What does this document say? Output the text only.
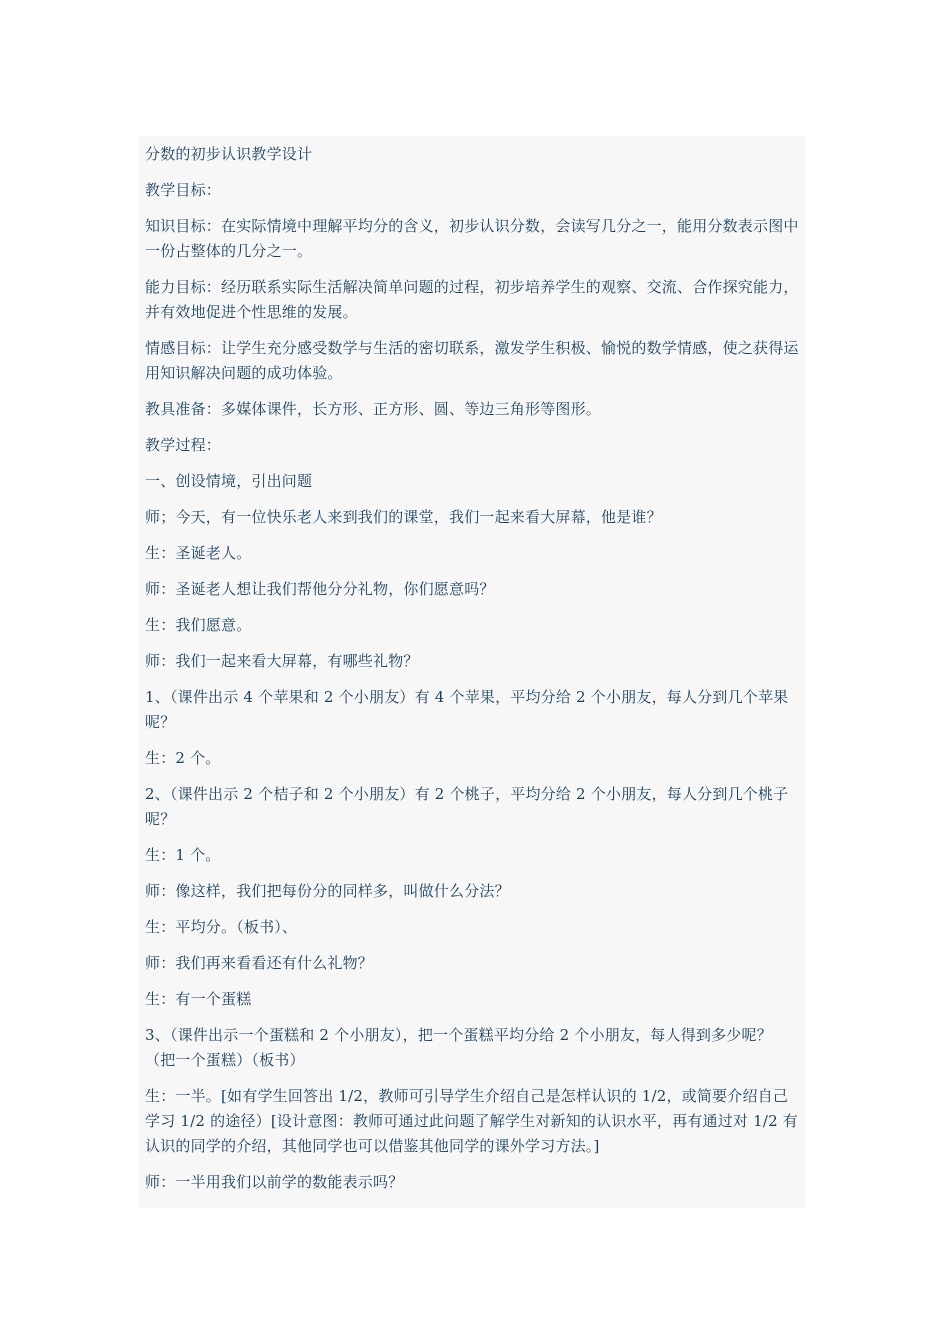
分数的初步认识教学设计

教学目标：

知识目标：在实际情境中理解平均分的含义，初步认识分数，会读写几分之一，能用分数表示图中一份占整体的几分之一。

能力目标：经历联系实际生活解决简单问题的过程，初步培养学生的观察、交流、合作探究能力，并有效地促进个性思维的发展。

情感目标：让学生充分感受数学与生活的密切联系，激发学生积极、愉悦的数学情感，使之获得运用知识解决问题的成功体验。

教具准备：多媒体课件，长方形、正方形、圆、等边三角形等图形。

教学过程：

一、创设情境，引出问题

师；今天，有一位快乐老人来到我们的课堂，我们一起来看大屏幕，他是谁？

生：圣诞老人。

师：圣诞老人想让我们帮他分分礼物，你们愿意吗？

生：我们愿意。

师：我们一起来看大屏幕，有哪些礼物？

1、（课件出示 4 个苹果和 2 个小朋友）有 4 个苹果，平均分给 2 个小朋友，每人分到几个苹果呢？

生：2 个。

2、（课件出示 2 个桔子和 2 个小朋友）有 2 个桃子，平均分给 2 个小朋友，每人分到几个桃子呢？

生：1 个。

师：像这样，我们把每份分的同样多，叫做什么分法？

生：平均分。（板书）、

师：我们再来看看还有什么礼物？

生：有一个蛋糕

3、（课件出示一个蛋糕和 2 个小朋友），把一个蛋糕平均分给 2 个小朋友，每人得到多少呢？（把一个蛋糕）（板书）

生：一半。[如有学生回答出 1/2，教师可引导学生介绍自己是怎样认识的 1/2，或简要介绍自己学习 1/2 的途径）[设计意图：教师可通过此问题了解学生对新知的认识水平，再有通过对 1/2 有认识的同学的介绍，其他同学也可以借鉴其他同学的课外学习方法。]

师：一半用我们以前学的数能表示吗？
